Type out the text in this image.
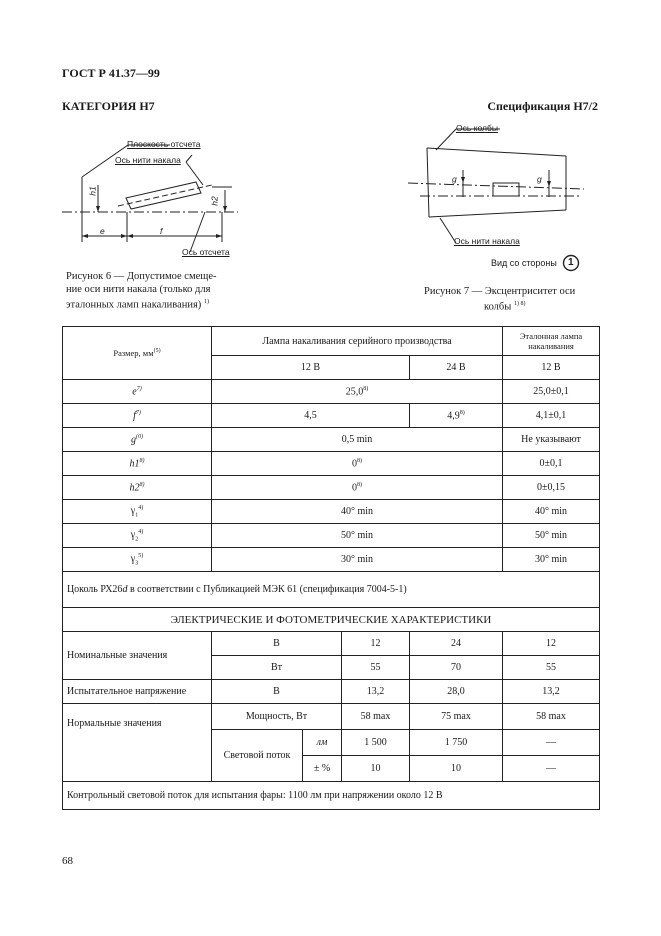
ГОСТ Р 41.37—99
КАТЕГОРИЯ Н7	Спецификация Н7/2
Плоскость отсчета
Ось нити накала
Ось отсчета
h1
h2
e	f
Рисунок 6 — Допустимое смеще-
ние оси нити накала (только для
эталонных ламп накаливания) $^{1)}$
Ось колбы
Ось нити накала
g	g
Вид со стороны 1
Рисунок 7 — Эксцентриситет оси
колбы $^{1) 8)}$
Размер, $мм^{(5)}$	Лампа накаливания серийного производства				Эталонная лампа накаливания
	12 В			24 В	12 В
$e^{7)}$	25,0$^{8)}$				25,0±0,1
$f^{7)}$	4,5			4,9$^{8)}$	4,1±0,1
$g^{(0)}$	0,5 min				Не указывают
h1$^{8)}$	0$^{8)}$				0±0,1
h2$^{8)}$	0$^{8)}$				0±0,15
$\gamma_1^{4)}$	40° min				40° min
$\gamma_2^{4)}$	50° min				50° min
$\gamma_3^{5)}$	30° min				30° min
Цоколь РХ26d в соответствии с Публикацией МЭК 61 (спецификация 7004-5-1)					
ЭЛЕКТРИЧЕСКИЕ И ФОТОМЕТРИЧЕСКИЕ ХАРАКТЕРИСТИКИ					
Номинальные значения	В		12	24	12
	Вт		55	70	55
Испытательное напряжение	В		13,2	28,0	13,2
Нормальные значения	Мощность, Вт		58 max	75 max	58 max
	Световой поток	лм	1 500	1 750	—
		± %	10	10	—
Контрольный световой поток для испытания фары: 1100 лм при напряжении около 12 В					
68
